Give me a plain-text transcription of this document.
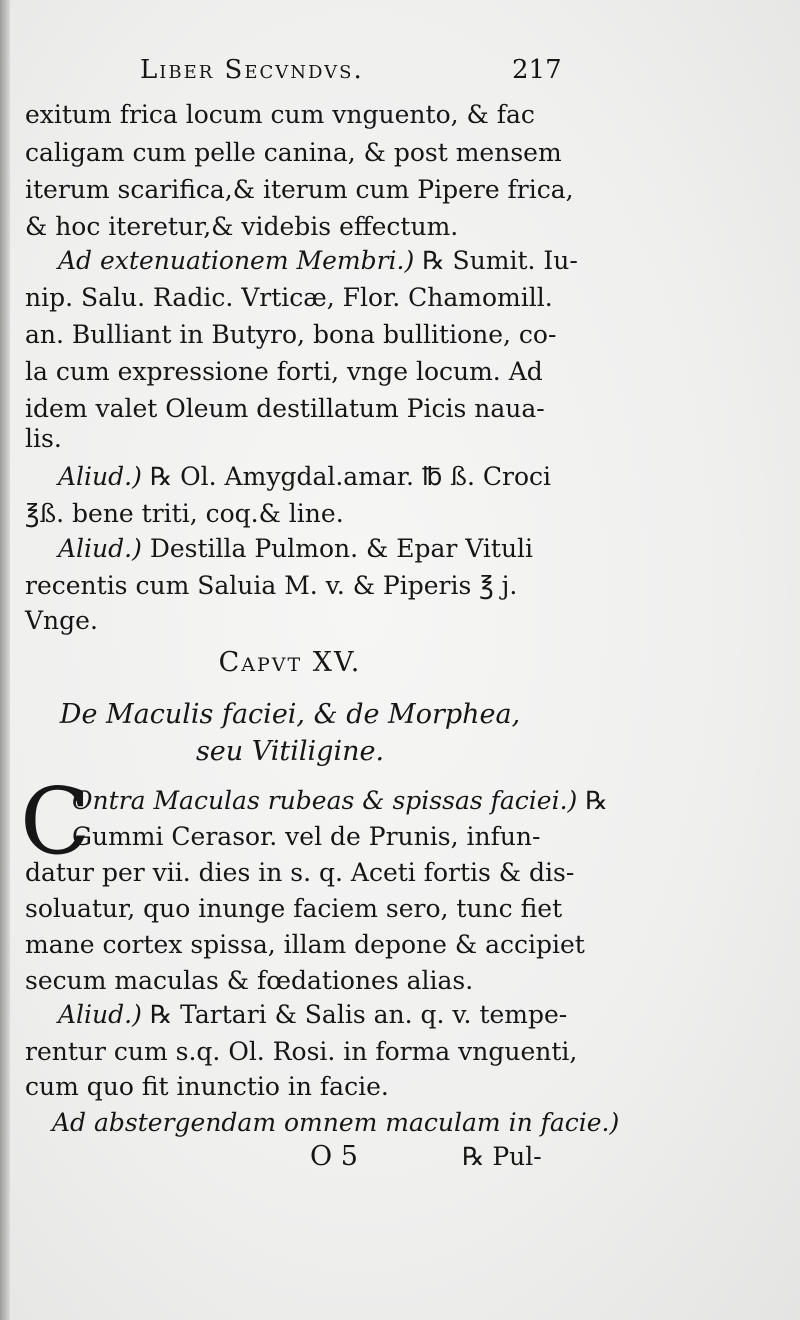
Liber Secvndvs.	217
exitum frica locum cum vnguento, & fac
caligam cum pelle canina, & post mensem
iterum scarifica,& iterum cum Pipere frica,
& hoc iteretur,& videbis effectum.
Ad extenuationem Membri.) ℞ Sumit. Iu-
nip. Salu. Radic. Vrticæ, Flor. Chamomill.
an. Bulliant in Butyro, bona bullitione, co-
la cum expressione forti, vnge locum. Ad
idem valet Oleum destillatum Picis naua-
lis.
Aliud.) ℞ Ol. Amygdal.amar. ℔ ß. Croci
℥ß. bene triti, coq.& line.
Aliud.) Destilla Pulmon. & Epar Vituli
recentis cum Saluia M. v. & Piperis ℥ j.
Vnge.
Capvt XV.
De Maculis faciei, & de Morphea,
seu Vitiligine.
C
Ontra Maculas rubeas & spissas faciei.) ℞
Gummi Cerasor. vel de Prunis, infun-
datur per vii. dies in s. q. Aceti fortis & dis-
soluatur, quo inunge faciem sero, tunc fiet
mane cortex spissa, illam depone & accipiet
secum maculas & fœdationes alias.
Aliud.) ℞ Tartari & Salis an. q. v. tempe-
rentur cum s.q. Ol. Rosi. in forma vnguenti,
cum quo fit inunctio in facie.
Ad abstergendam omnem maculam in facie.)
O 5	℞ Pul-
